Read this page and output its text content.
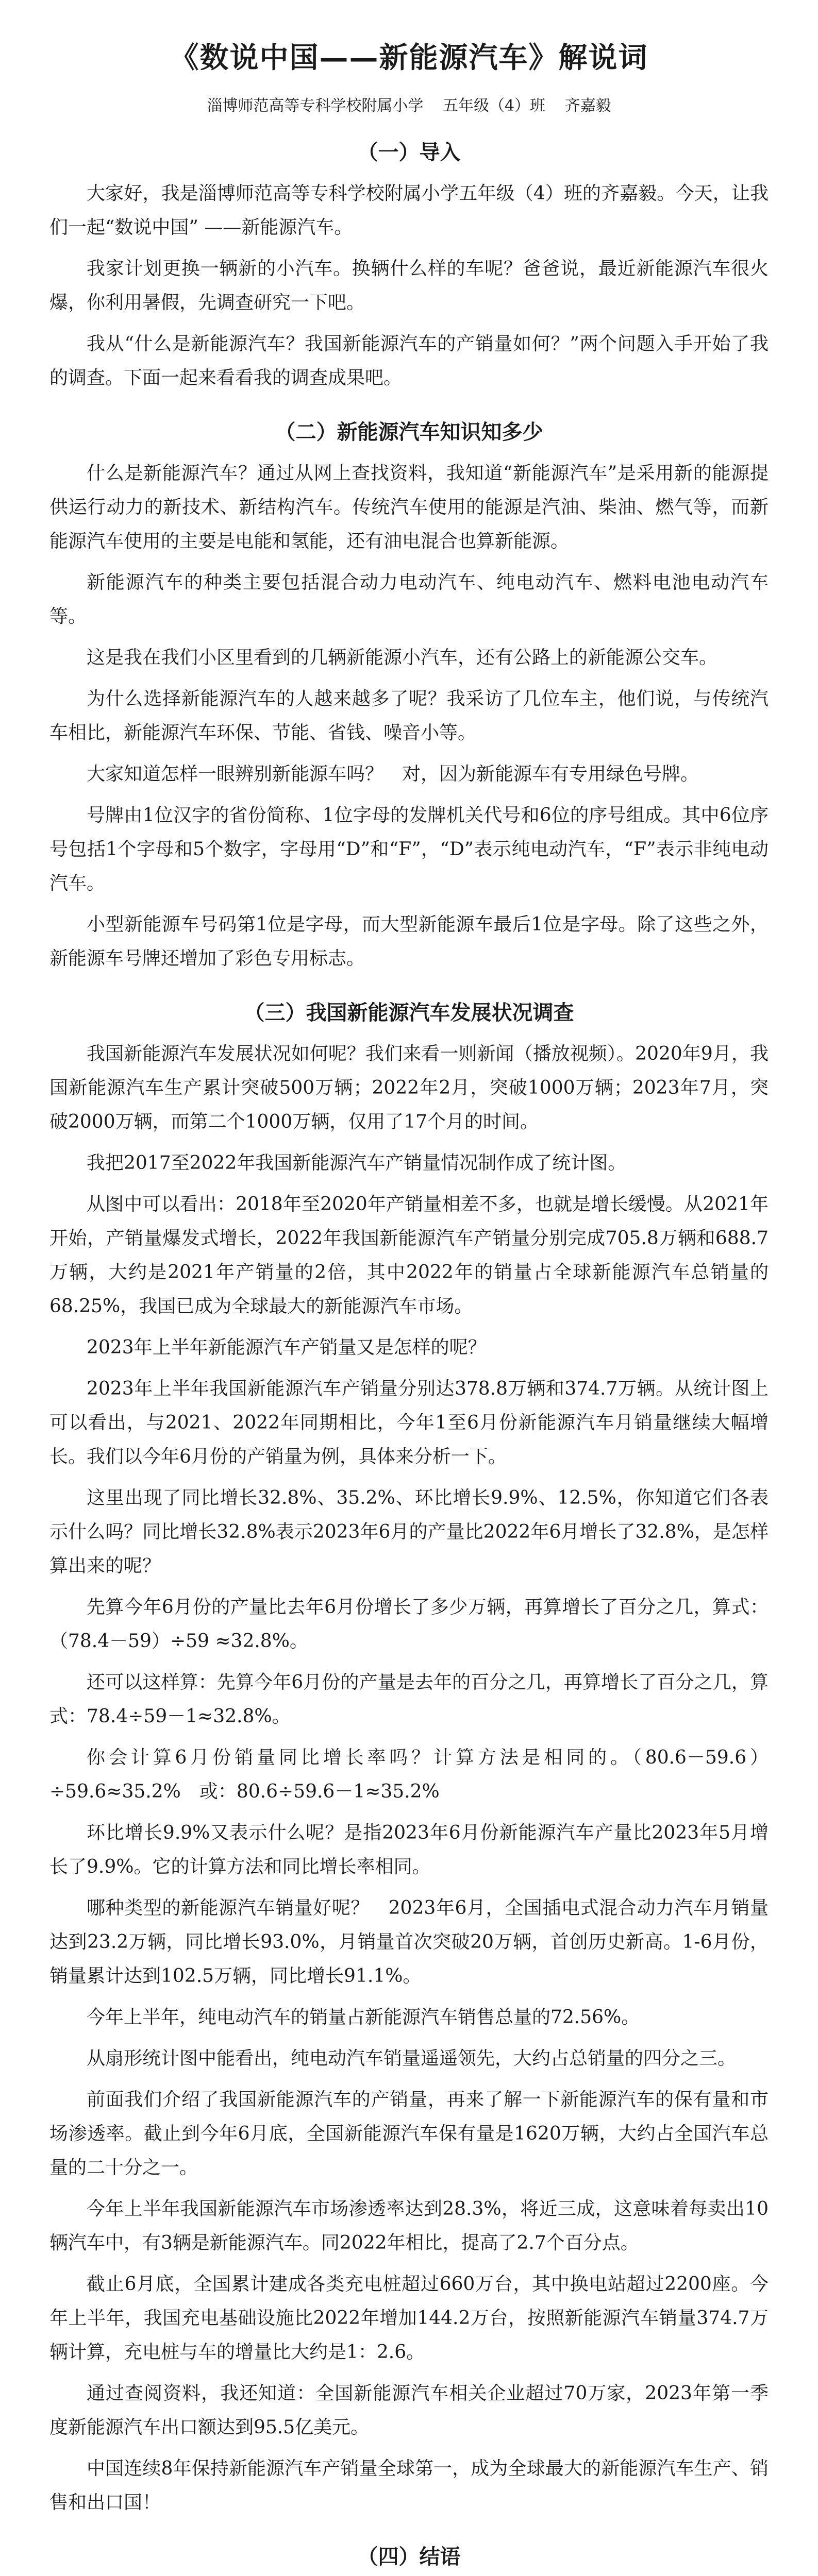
《数说中国——新能源汽车》解说词
淄博师范高等专科学校附属小学 五年级（4）班 齐嘉毅
（一）导入

大家好，我是淄博师范高等专科学校附属小学五年级（4）班的齐嘉毅。今天，让我们一起“数说中国” ——新能源汽车。

我家计划更换一辆新的小汽车。换辆什么样的车呢？爸爸说，最近新能源汽车很火爆，你利用暑假，先调查研究一下吧。

我从“什么是新能源汽车？我国新能源汽车的产销量如何？”两个问题入手开始了我的调查。下面一起来看看我的调查成果吧。

（二）新能源汽车知识知多少

什么是新能源汽车？通过从网上查找资料，我知道“新能源汽车”是采用新的能源提供运行动力的新技术、新结构汽车。传统汽车使用的能源是汽油、柴油、燃气等，而新能源汽车使用的主要是电能和氢能，还有油电混合也算新能源。

新能源汽车的种类主要包括混合动力电动汽车、纯电动汽车、燃料电池电动汽车等。

这是我在我们小区里看到的几辆新能源小汽车，还有公路上的新能源公交车。

为什么选择新能源汽车的人越来越多了呢？我采访了几位车主，他们说，与传统汽车相比，新能源汽车环保、节能、省钱、噪音小等。

大家知道怎样一眼辨别新能源车吗？　对，因为新能源车有专用绿色号牌。

号牌由1位汉字的省份简称、1位字母的发牌机关代号和6位的序号组成。其中6位序号包括1个字母和5个数字，字母用“D”和“F”，“D”表示纯电动汽车，“F”表示非纯电动汽车。

小型新能源车号码第1位是字母，而大型新能源车最后1位是字母。除了这些之外，新能源车号牌还增加了彩色专用标志。

（三）我国新能源汽车发展状况调查

我国新能源汽车发展状况如何呢？我们来看一则新闻（播放视频）。2020年9月，我国新能源汽车生产累计突破500万辆；2022年2月，突破1000万辆；2023年7月，突破2000万辆，而第二个1000万辆，仅用了17个月的时间。

我把2017至2022年我国新能源汽车产销量情况制作成了统计图。

从图中可以看出：2018年至2020年产销量相差不多，也就是增长缓慢。从2021年开始，产销量爆发式增长，2022年我国新能源汽车产销量分别完成705.8万辆和688.7万辆，大约是2021年产销量的2倍，其中2022年的销量占全球新能源汽车总销量的68.25%，我国已成为全球最大的新能源汽车市场。

2023年上半年新能源汽车产销量又是怎样的呢？

2023年上半年我国新能源汽车产销量分别达378.8万辆和374.7万辆。从统计图上可以看出，与2021、2022年同期相比，今年1至6月份新能源汽车月销量继续大幅增长。我们以今年6月份的产销量为例，具体来分析一下。

这里出现了同比增长32.8%、35.2%、环比增长9.9%、12.5%，你知道它们各表示什么吗？同比增长32.8%表示2023年6月的产量比2022年6月增长了32.8%，是怎样算出来的呢？

先算今年6月份的产量比去年6月份增长了多少万辆，再算增长了百分之几，算式：（78.4－59）÷59 ≈32.8%。

还可以这样算：先算今年6月份的产量是去年的百分之几，再算增长了百分之几，算式：78.4÷59－1≈32.8%。

你会计算6月份销量同比增长率吗？计算方法是相同的。（80.6－59.6）÷59.6≈35.2%　或：80.6÷59.6－1≈35.2%

环比增长9.9%又表示什么呢？是指2023年6月份新能源汽车产量比2023年5月增长了9.9%。它的计算方法和同比增长率相同。

哪种类型的新能源汽车销量好呢？　2023年6月，全国插电式混合动力汽车月销量达到23.2万辆，同比增长93.0%，月销量首次突破20万辆，首创历史新高。1-6月份，销量累计达到102.5万辆，同比增长91.1%。

今年上半年，纯电动汽车的销量占新能源汽车销售总量的72.56%。

从扇形统计图中能看出，纯电动汽车销量遥遥领先，大约占总销量的四分之三。

前面我们介绍了我国新能源汽车的产销量，再来了解一下新能源汽车的保有量和市场渗透率。截止到今年6月底，全国新能源汽车保有量是1620万辆，大约占全国汽车总量的二十分之一。

今年上半年我国新能源汽车市场渗透率达到28.3%，将近三成，这意味着每卖出10辆汽车中，有3辆是新能源汽车。同2022年相比，提高了2.7个百分点。

截止6月底，全国累计建成各类充电桩超过660万台，其中换电站超过2200座。今年上半年，我国充电基础设施比2022年增加144.2万台，按照新能源汽车销量374.7万辆计算，充电桩与车的增量比大约是1：2.6。

通过查阅资料，我还知道：全国新能源汽车相关企业超过70万家，2023年第一季度新能源汽车出口额达到95.5亿美元。

中国连续8年保持新能源汽车产销量全球第一，成为全球最大的新能源汽车生产、销售和出口国！

（四）结语
